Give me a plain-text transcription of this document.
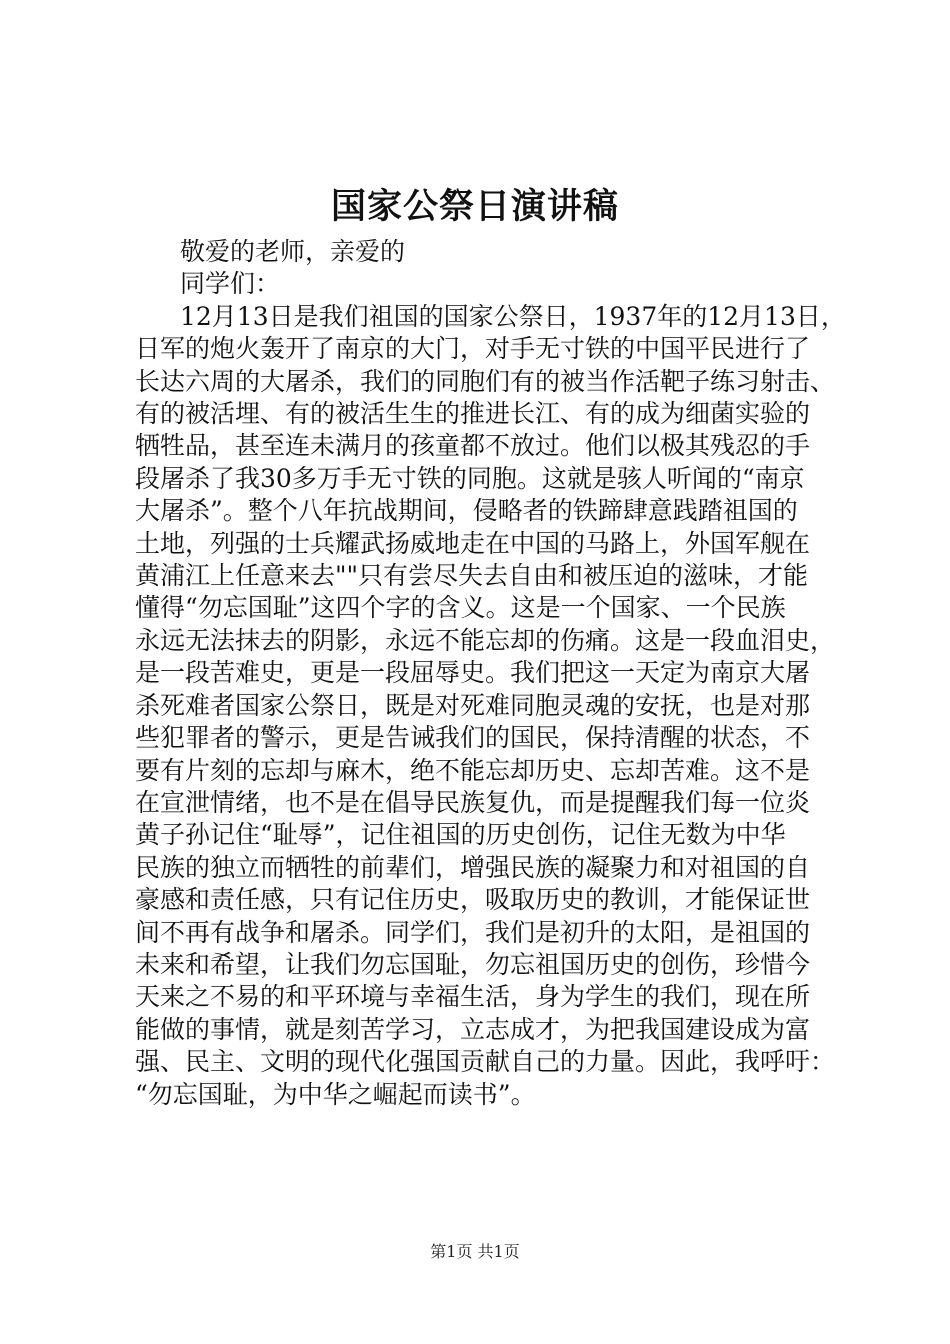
国家公祭日演讲稿
敬爱的老师，亲爱的
同学们：
12月13日是我们祖国的国家公祭日，1937年的12月13日，
日军的炮火轰开了南京的大门，对手无寸铁的中国平民进行了
长达六周的大屠杀，我们的同胞们有的被当作活靶子练习射击、
有的被活埋、有的被活生生的推进长江、有的成为细菌实验的
牺牲品，甚至连未满月的孩童都不放过。他们以极其残忍的手
段屠杀了我30多万手无寸铁的同胞。这就是骇人听闻的“南京
大屠杀”。整个八年抗战期间，侵略者的铁蹄肆意践踏祖国的
土地，列强的士兵耀武扬威地走在中国的马路上，外国军舰在
黄浦江上任意来去""只有尝尽失去自由和被压迫的滋味，才能
懂得“勿忘国耻”这四个字的含义。这是一个国家、一个民族
永远无法抹去的阴影，永远不能忘却的伤痛。这是一段血泪史，
是一段苦难史，更是一段屈辱史。我们把这一天定为南京大屠
杀死难者国家公祭日，既是对死难同胞灵魂的安抚，也是对那
些犯罪者的警示，更是告诫我们的国民，保持清醒的状态，不
要有片刻的忘却与麻木，绝不能忘却历史、忘却苦难。这不是
在宣泄情绪，也不是在倡导民族复仇，而是提醒我们每一位炎
黄子孙记住“耻辱”，记住祖国的历史创伤，记住无数为中华
民族的独立而牺牲的前辈们，增强民族的凝聚力和对祖国的自
豪感和责任感，只有记住历史，吸取历史的教训，才能保证世
间不再有战争和屠杀。同学们，我们是初升的太阳，是祖国的
未来和希望，让我们勿忘国耻，勿忘祖国历史的创伤，珍惜今
天来之不易的和平环境与幸福生活，身为学生的我们，现在所
能做的事情，就是刻苦学习，立志成才，为把我国建设成为富
强、民主、文明的现代化强国贡献自己的力量。因此，我呼吁：
“勿忘国耻，为中华之崛起而读书”。
第1页 共1页
